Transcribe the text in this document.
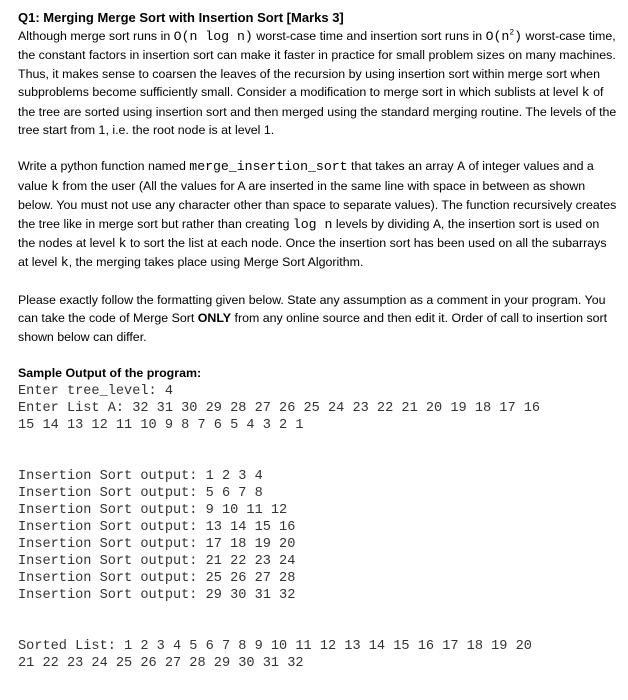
Q1: Merging Merge Sort with Insertion Sort [Marks 3]

Although merge sort runs in O(n log n) worst-case time and insertion sort runs in $O(n^2)$ worst-case time, the constant factors in insertion sort can make it faster in practice for small problem sizes on many machines. Thus, it makes sense to coarsen the leaves of the recursion by using insertion sort within merge sort when subproblems become sufficiently small. Consider a modification to merge sort in which sublists at level k of the tree are sorted using insertion sort and then merged using the standard merging routine. The levels of the tree start from 1, i.e. the root node is at level 1.

Write a python function named merge_insertion_sort that takes an array A of integer values and a value k from the user (All the values for A are inserted in the same line with space in between as shown below. You must not use any character other than space to separate values). The function recursively creates the tree like in merge sort but rather than creating log n levels by dividing A, the insertion sort is used on the nodes at level k to sort the list at each node. Once the insertion sort has been used on all the subarrays at level k, the merging takes place using Merge Sort Algorithm.

Please exactly follow the formatting given below. State any assumption as a comment in your program. You can take the code of Merge Sort ONLY from any online source and then edit it. Order of call to insertion sort shown below can differ.

Sample Output of the program:
Enter tree_level: 4
Enter List A: 32 31 30 29 28 27 26 25 24 23 22 21 20 19 18 17 16
15 14 13 12 11 10 9 8 7 6 5 4 3 2 1
Insertion Sort output: 1 2 3 4
Insertion Sort output: 5 6 7 8
Insertion Sort output: 9 10 11 12
Insertion Sort output: 13 14 15 16
Insertion Sort output: 17 18 19 20
Insertion Sort output: 21 22 23 24
Insertion Sort output: 25 26 27 28
Insertion Sort output: 29 30 31 32
Sorted List: 1 2 3 4 5 6 7 8 9 10 11 12 13 14 15 16 17 18 19 20
21 22 23 24 25 26 27 28 29 30 31 32
